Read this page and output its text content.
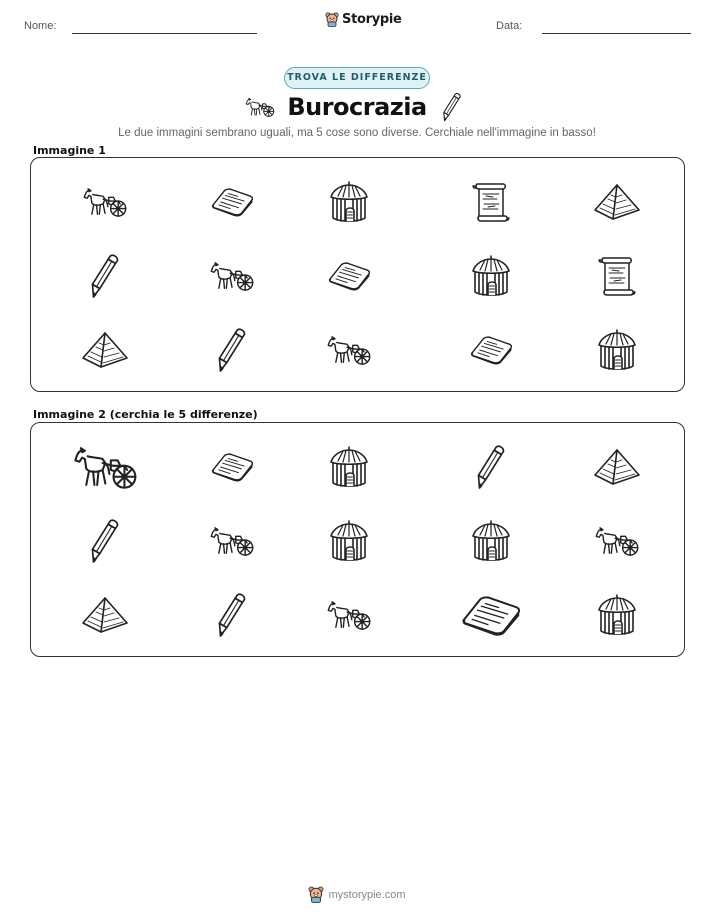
Nome:	Storypie	Data:
TROVA LE DIFFERENZE
Burocrazia
Le due immagini sembrano uguali, ma 5 cose sono diverse. Cerchiale nell'immagine in basso!
Immagine 1
Immagine 2 (cerchia le 5 differenze)
mystorypie.com
